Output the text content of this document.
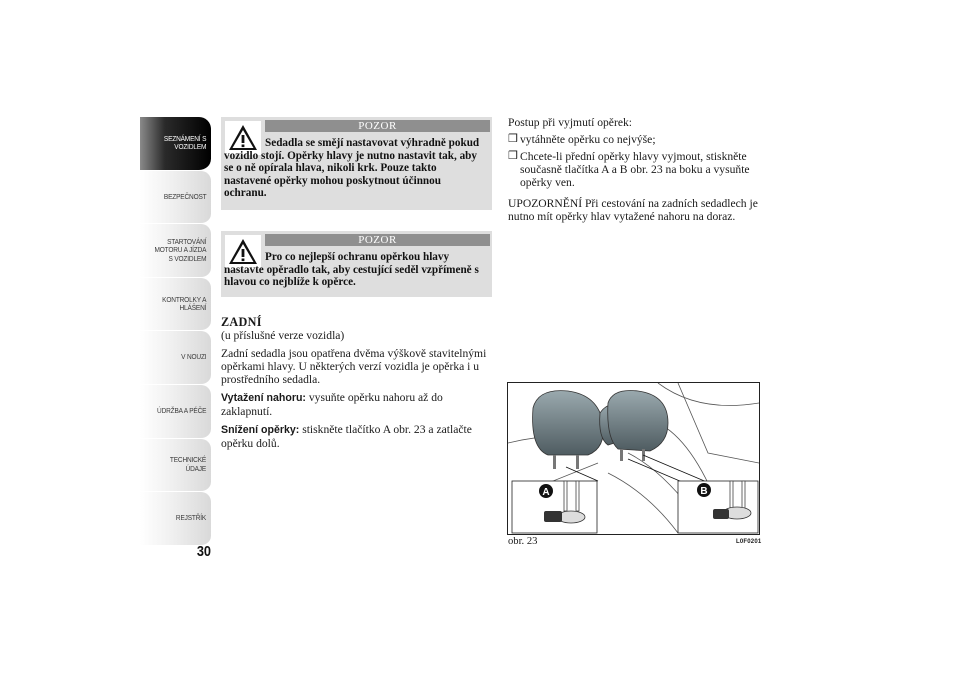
SEZNÁMENÍ S
VOZIDLEM
BEZPEČNOST
STARTOVÁNÍ
MOTORU A JÍZDA
S VOZIDLEM
KONTROLKY A
HLÁŠENÍ
V NOUZI
ÚDRŽBA A PÉČE
TECHNICKÉ
ÚDAJE
REJSTŘÍK
30
POZOR
Sedadla se smějí nastavovat výhradně pokud vozidlo stojí. Opěrky hlavy je nutno nastavit tak, aby se o ně opírala hlava, nikoli krk. Pouze takto nastavené opěrky mohou poskytnout účinnou ochranu.
POZOR
Pro co nejlepší ochranu opěrkou hlavy nastavte opěradlo tak, aby cestující seděl vzpřímeně s hlavou co nejblíže k opěrce.

ZADNÍ

(u příslušné verze vozidla)

Zadní sedadla jsou opatřena dvěma výškově stavitelnými opěrkami hlavy. U některých verzí vozidla je opěrka i u prostředního sedadla.

Vytažení nahoru: vysuňte opěrku nahoru až do zaklapnutí.

Snížení opěrky: stiskněte tlačítko A obr. 23 a zatlačte opěrku dolů.

Postup při vyjmutí opěrek:

❒ vytáhněte opěrku co nejvýše;

❒ Chcete-li přední opěrky hlavy vyjmout, stiskněte současně tlačítka A a B obr. 23 na boku a vysuňte opěrky ven.

UPOZORNĚNÍ Při cestování na zadních sedadlech je nutno mít opěrky hlav vytažené nahoru na doraz.

A	B
obr. 23	L0F0201
